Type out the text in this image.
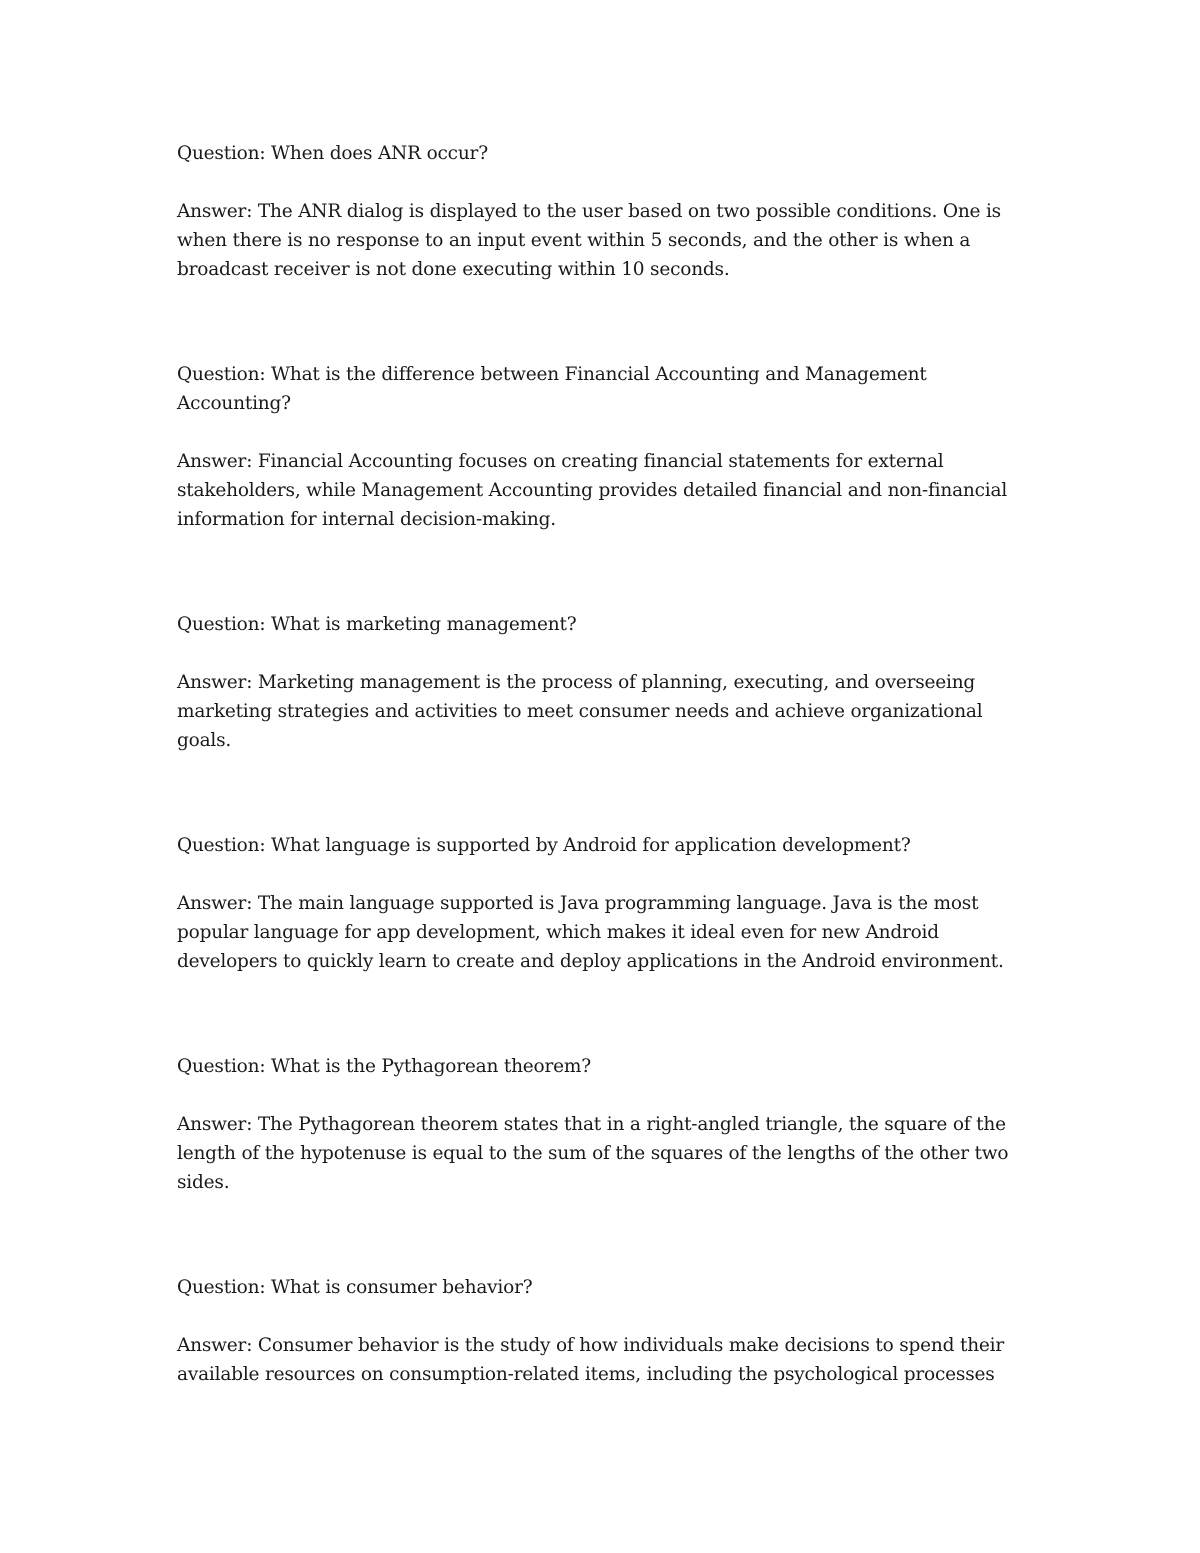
Question: When does ANR occur?

Answer: The ANR dialog is displayed to the user based on two possible conditions. One is when there is no response to an input event within 5 seconds, and the other is when a broadcast receiver is not done executing within 10 seconds.

Question: What is the difference between Financial Accounting and Management Accounting?

Answer: Financial Accounting focuses on creating financial statements for external stakeholders, while Management Accounting provides detailed financial and non-financial information for internal decision-making.

Question: What is marketing management?

Answer: Marketing management is the process of planning, executing, and overseeing marketing strategies and activities to meet consumer needs and achieve organizational goals.

Question: What language is supported by Android for application development?

Answer: The main language supported is Java programming language. Java is the most popular language for app development, which makes it ideal even for new Android developers to quickly learn to create and deploy applications in the Android environment.

Question: What is the Pythagorean theorem?

Answer: The Pythagorean theorem states that in a right-angled triangle, the square of the length of the hypotenuse is equal to the sum of the squares of the lengths of the other two sides.

Question: What is consumer behavior?

Answer: Consumer behavior is the study of how individuals make decisions to spend their available resources on consumption-related items, including the psychological processes
